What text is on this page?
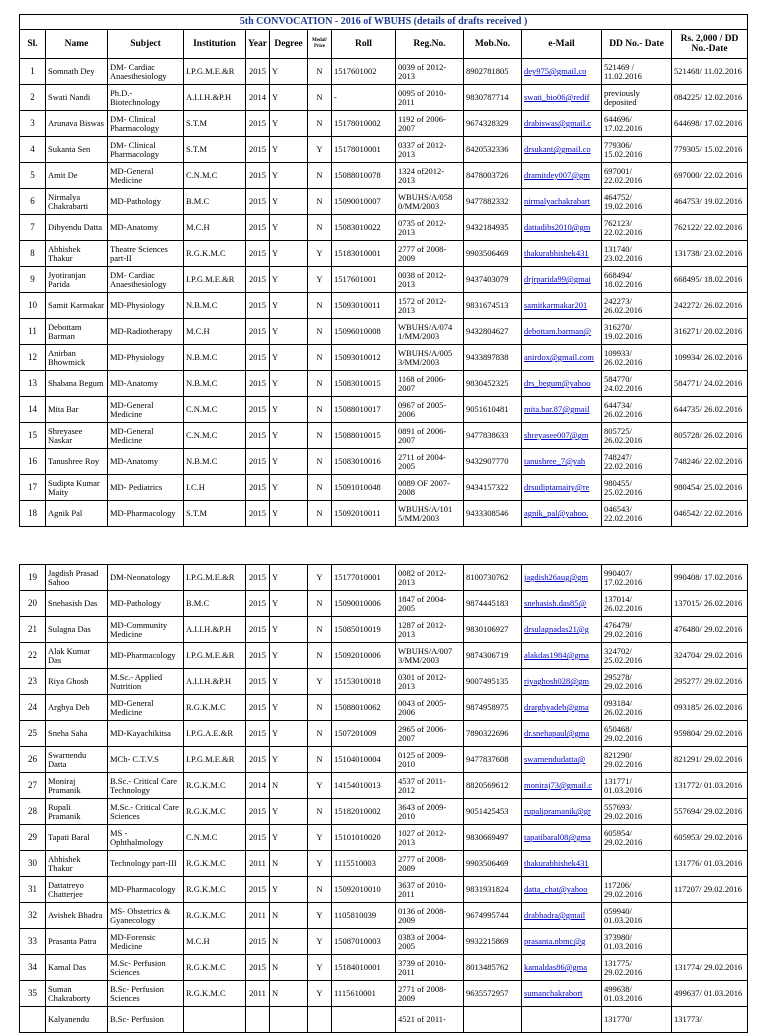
5th CONVOCATION - 2016 of WBUHS (details of drafts received )												
Sl.	Name	Subject	Institution	Year	Degree	Medal/ Prize	Roll	Reg.No.	Mob.No.	e-Mail	DD No.- Date	Rs. 2,000 / DD No.-Date
1	Somnath Dey	DM- Cardiac Anaesthesiology	I.P.G.M.E.&R	2015	Y	N	1517601002	0039 of 2012-2013	8902781805	dey975@gmail.co	521469 / 11.02.2016	521468/ 11.02.2016
2	Swati Nandi	Ph.D.- Biotechnology	A.I.I.H.&P.H	2014	Y	N	-	0095 of 2010-2011	9830787714	swati_bio06@redif	previously deposited	084225/ 12.02.2016
3	Arunava Biswas	DM- Clinical Pharmacology	S.T.M	2015	Y	N	15178010002	1192 of 2006-2007	9674328329	drabiswas@gmail.c	644696/ 17.02.2016	644698/ 17.02.2016
4	Sukanta Sen	DM- Clinical Pharmacology	S.T.M	2015	Y	Y	15178010001	0337 of 2012-2013	8420532336	drsukant@gmail.co	779306/ 15.02.2016	779305/ 15.02.2016
5	Amit De	MD-General Medicine	C.N.M.C	2015	Y	N	15088010078	1324 of2012-2013	8478003726	dramitdey007@gm	697001/ 22.02.2016	697000/ 22.02.2016
6	Nirmalya Chakrabarti	MD-Pathology	B.M.C	2015	Y	N	15090010007	WBUHS/A/058 0/MM/2003	9477882332	nirmalyachakrabart	464752/ 19.02.2016	464753/ 19.02.2016
7	Dibyendu Datta	MD-Anatomy	M.C.H	2015	Y	N	15083010022	0735 of 2012-2013	9432184935	dattadibs2010@gm	762123/ 22.02.2016	762122/ 22.02.2016
8	Abhishek Thakur	Theatre Sciences part-II	R.G.K.M.C	2015	Y	Y	15183010001	2777 of 2008-2009	9903506469	thakurabhishek431	131740/ 23.02.2016	131738/ 23.02.2016
9	Jyotiranjan Parida	DM- Cardiac Anaesthesiology	I.P.G.M.E.&R	2015	Y	Y	1517601001	0038 of 2012-2013	9437403079	drjrparida99@gmai	668494/ 18.02.2016	668495/ 18.02.2016
10	Samit Karmakar	MD-Physiology	N.B.M.C	2015	Y	N	15093010011	1572 of 2012-2013	9831674513	samitkarmakar201	242273/ 26.02.2016	242272/ 26.02.2016
11	Debottam Barman	MD-Radiotherapy	M.C.H	2015	Y	N	15096010008	WBUHS/A/074 1/MM/2003	9432804627	debottam.barman@	316270/ 19.02.2016	316271/ 20.02.2016
12	Anirban Bhowmick	MD-Physiology	N.B.M.C	2015	Y	N	15093010012	WBUHS/A/005 3/MM/2003	9433897838	anirdox@gmail.com	109933/ 26.02.2016	109934/ 26.02.2016
13	Shabana Begum	MD-Anatomy	N.B.M.C	2015	Y	N	15083010015	1168 of 2006-2007	9830452325	drs_begum@yahoo	584770/ 24.02.2016	584771/ 24.02.2016
14	Mita Bar	MD-General Medicine	C.N.M.C	2015	Y	N	15088010017	0967 of 2005-2006	9051610481	mita.bar.87@gmail	644734/ 26.02.2016	644735/ 26.02.2016
15	Shreyasee Naskar	MD-General Medicine	C.N.M.C	2015	Y	N	15088010015	0891 of 2006-2007	9477838633	shreyasee007@gm	805725/ 26.02.2016	805728/ 26.02.2016
16	Tanushree Roy	MD-Anatomy	N.B.M.C	2015	Y	N	15083010016	2711 of 2004-2005	9432907770	tanushree_7@yah	748247/ 22.02.2016	748246/ 22.02.2016
17	Sudipta Kumar Maity	MD- Pediatrics	I.C.H	2015	Y	N	15091010048	0089 OF 2007-2008	9434157322	drsudiptamaity@re	980455/ 25.02.2016	980454/ 25.02.2016
18	Agnik Pal	MD-Pharmacology	S.T.M	2015	Y	N	15092010011	WBUHS/A/101 5/MM/2003	9433308546	agnik_pal@yahoo.	046543/ 22.02.2016	046542/ 22.02.2016
19	Jagdish Prasad Sahoo	DM-Neonatology	I.P.G.M.E.&R	2015	Y	Y	15177010001	0082 of 2012-2013	8100730762	jagdish26aug@gm	990407/ 17.02.2016	990408/ 17.02.2016
20	Snehasish Das	MD-Pathology	B.M.C	2015	Y	N	15090010006	1847 of 2004-2005	9874445183	snehasish.das85@	137014/ 26.02.2016	137015/ 26.02.2016
21	Sulagna Das	MD-Community Medicine	A.I.I.H.&P.H	2015	Y	N	15085010019	1287 of 2012-2013	9830106927	drsulagnadas21@g	476479/ 29.02.2016	476480/ 29.02.2016
22	Alak Kumar Das	MD-Pharmacology	I.P.G.M.E.&R	2015	Y	N	15092010006	WBUHS/A/007 3/MM/2003	9874306719	alakdas1984@gma	324702/ 25.02.2016	324704/ 29.02.2016
23	Riya Ghosh	M.Sc.- Applied Nutrition	A.I.I.H.&P.H	2015	Y	Y	15153010018	0301 of 2012-2013	9007495135	riyaghosh028@gm	295278/ 29.02.2016	295277/ 29.02.2016
24	Arghya Deb	MD-General Medicine	R.G.K.M.C	2015	Y	N	15088010062	0043 of 2005-2006	9874958975	drarghyadeb@gma	093184/ 26.02.2016	093185/ 26.02.2016
25	Sneha Saha	MD-Kayachikitsa	I.P.G.A.E.&R	2015	Y	N	1507201009	2965 of 2006-2007	7890322696	dr.snehapaul@gma	650468/ 29.02.2016	959804/ 29.02.2016
26	Swarnendu Datta	MCh- C.T.V.S	I.P.G.M.E.&R	2015	Y	N	15104010004	0125 of 2009-2010	9477837608	swarnendudatta@	821290/ 29.02.2016	821291/ 29.02.2016
27	Moniraj Pramanik	B.Sc.- Critical Care Technology	R.G.K.M.C	2014	N	Y	14154010013	4537 of 2011-2012	8820569612	moniraj73@gmail.c	131771/ 01.03.2016	131772/ 01.03.2016
28	Rupali Pramanik	M.Sc.- Critical Care Sciences	R.G.K.M.C	2015	Y	N	15182010002	3643 of 2009-2010	9051425453	rupalipramanik@gr	557693/ 29.02.2016	557694/ 29.02.2016
29	Tapati Baral	MS - Ophthalmology	C.N.M.C	2015	Y	Y	15101010020	1027 of 2012-2013	9830669497	tapatibaral08@gma	605954/ 29.02.2016	605953/ 29.02.2016
30	Abhishek Thakur	Technology part-III	R.G.K.M.C	2011	N	Y	1115510003	2777 of 2008-2009	9903506469	thakurabhishek431		131776/ 01.03.2016
31	Dattatreyo Chatterjee	MD-Pharmacology	R.G.K.M.C	2015	Y	N	15092010010	3637 of 2010-2011	9831931824	datta_chat@yahoo	117206/ 29.02.2016	117207/ 29.02.2016
32	Avishek Bhadra	MS- Obstetrics & Gyanecology	R.G.K.M.C	2011	N	Y	1105810039	0136 of 2008-2009	9674995744	drabhadra@gmail	059940/ 01.03.2016	
33	Prasanta Patra	MD-Forensic Medicine	M.C.H	2015	N	Y	15087010003	0383 of 2004-2005	9932215869	prasanta.nbmc@g	373980/ 01.03.2016	
34	Kamal Das	M.Sc- Perfusion Sciences	R.G.K.M.C	2015	N	Y	15184010001	3739 of 2010-2011	8013485762	kamaldas86@gma	131775/ 29.02.2016	131774/ 29.02.2016
35	Suman Chakraborty	B.Sc- Perfusion Sciences	R.G.K.M.C	2011	N	Y	1115610001	2771 of 2008-2009	9635572957	sumanchakrabort	499638/ 01.03.2016	499637/ 01.03.2016
	Kalyanendu	B.Sc- Perfusion						4521 of 2011-			131770/	131773/
